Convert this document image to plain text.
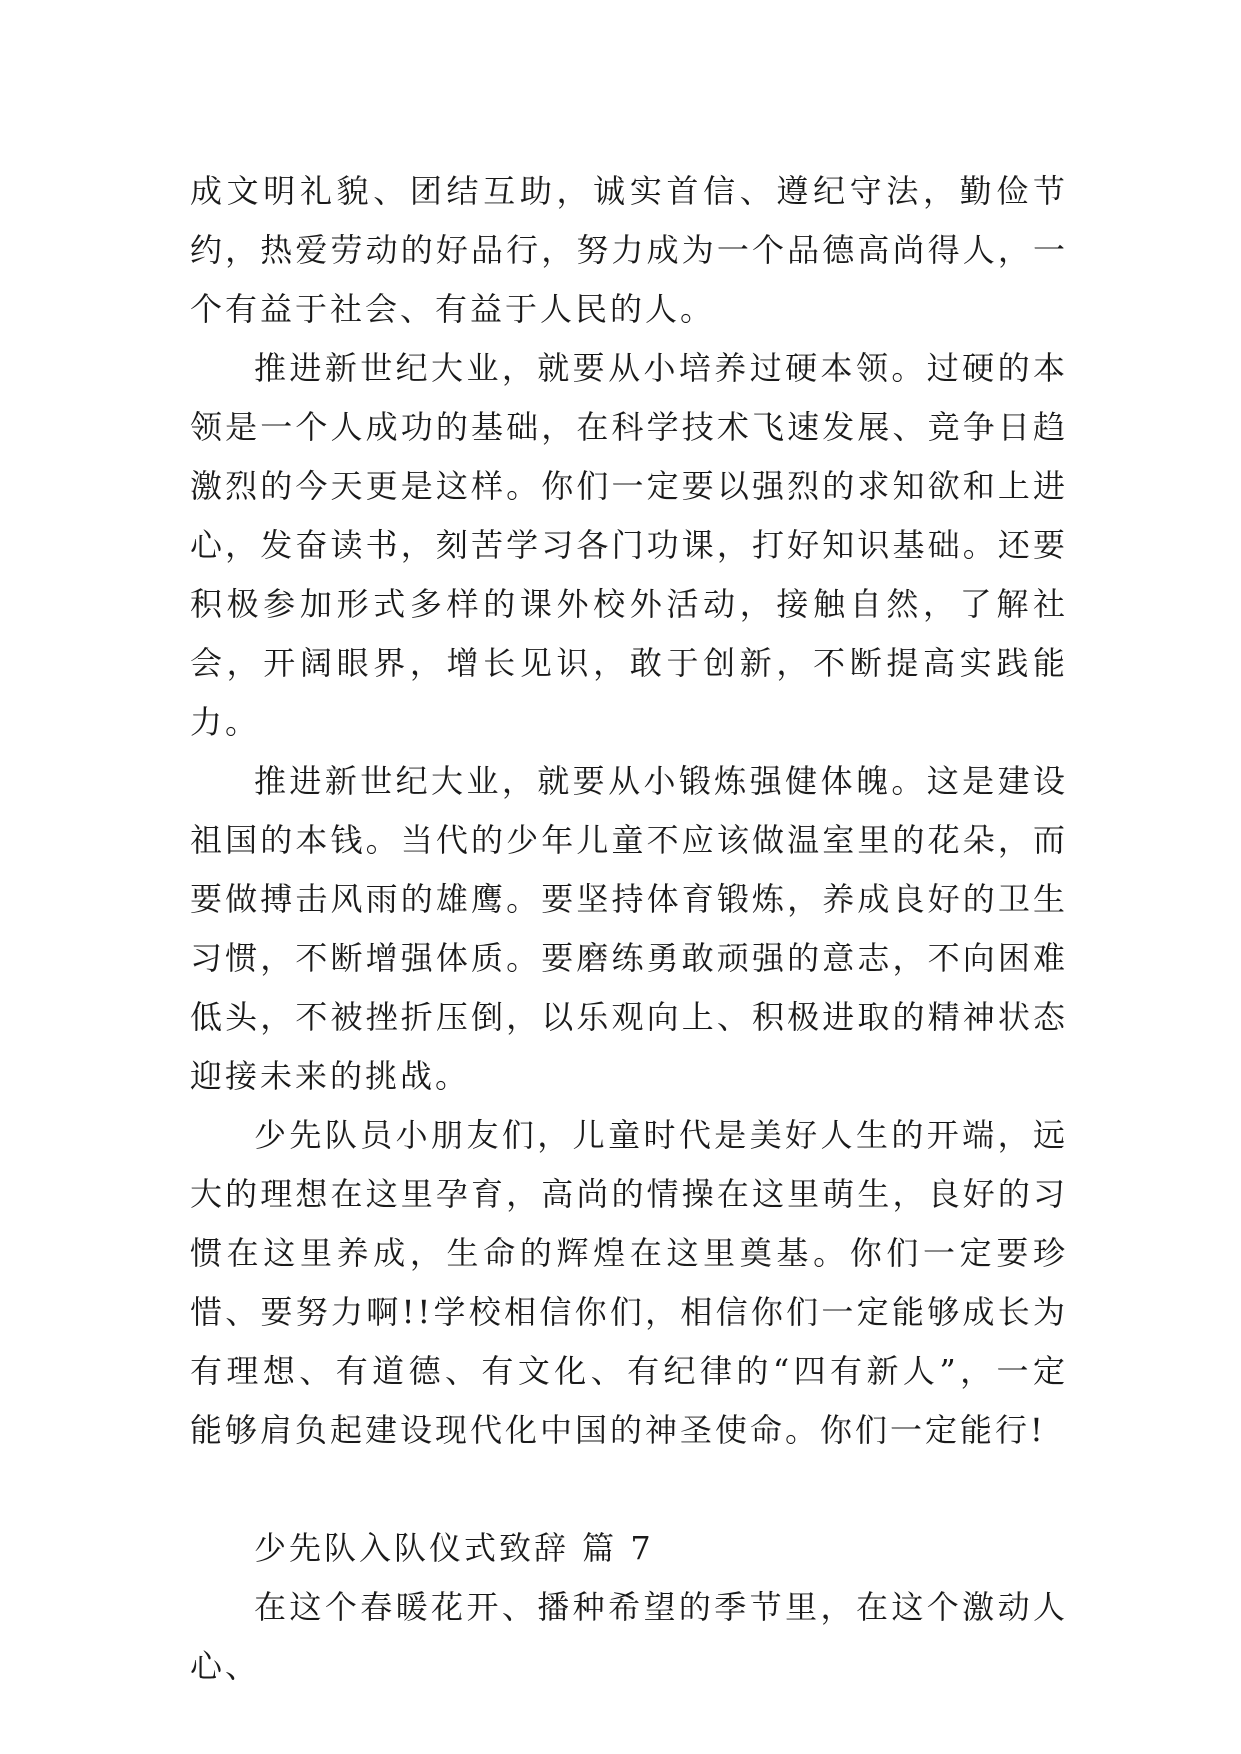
成文明礼貌、团结互助，诚实首信、遵纪守法，勤俭节约，热爱劳动的好品行，努力成为一个品德高尚得人，一个有益于社会、有益于人民的人。

推进新世纪大业，就要从小培养过硬本领。过硬的本领是一个人成功的基础，在科学技术飞速发展、竞争日趋激烈的今天更是这样。你们一定要以强烈的求知欲和上进心，发奋读书，刻苦学习各门功课，打好知识基础。还要积极参加形式多样的课外校外活动，接触自然，了解社会，开阔眼界，增长见识，敢于创新，不断提高实践能力。

推进新世纪大业，就要从小锻炼强健体魄。这是建设祖国的本钱。当代的少年儿童不应该做温室里的花朵，而要做搏击风雨的雄鹰。要坚持体育锻炼，养成良好的卫生习惯，不断增强体质。要磨练勇敢顽强的意志，不向困难低头，不被挫折压倒，以乐观向上、积极进取的精神状态迎接未来的挑战。

少先队员小朋友们，儿童时代是美好人生的开端，远大的理想在这里孕育，高尚的情操在这里萌生，良好的习惯在这里养成，生命的辉煌在这里奠基。你们一定要珍惜、要努力啊!!学校相信你们，相信你们一定能够成长为有理想、有道德、有文化、有纪律的“四有新人”，一定能够肩负起建设现代化中国的神圣使命。你们一定能行!

少先队入队仪式致辞 篇 7

在这个春暖花开、播种希望的季节里，在这个激动人心、
